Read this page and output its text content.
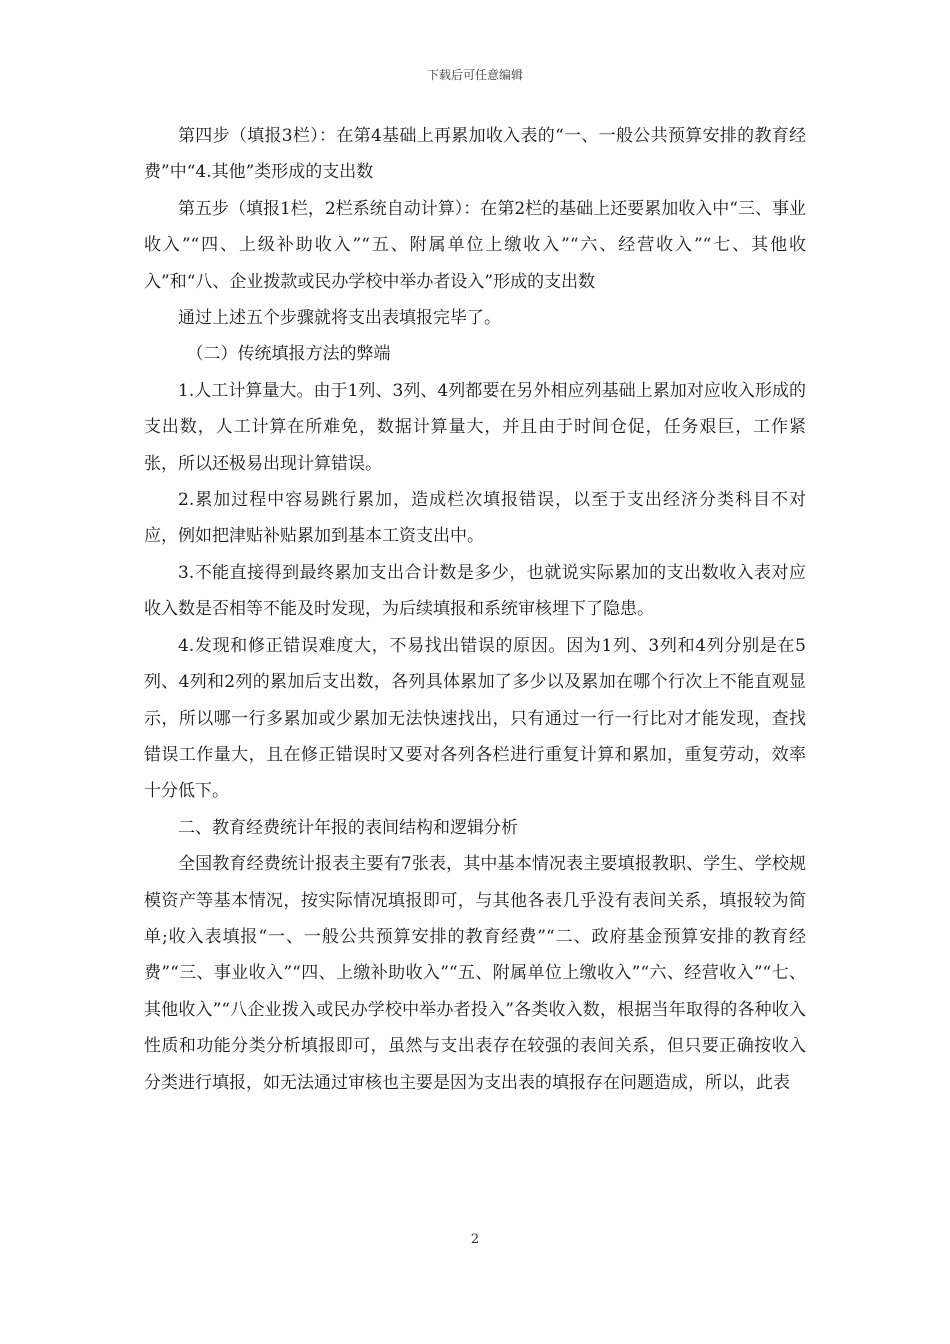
下载后可任意编辑

第四步（填报3栏）：在第4基础上再累加收入表的“一、一般公共预算安排的教育经费”中“4.其他”类形成的支出数

第五步（填报1栏，2栏系统自动计算）：在第2栏的基础上还要累加收入中“三、事业收入”“四、上级补助收入”“五、附属单位上缴收入”“六、经营收入”“七、其他收入”和“八、企业拨款或民办学校中举办者设入”形成的支出数

通过上述五个步骤就将支出表填报完毕了。

（二）传统填报方法的弊端

1.人工计算量大。由于1列、3列、4列都要在另外相应列基础上累加对应收入形成的支出数，人工计算在所难免，数据计算量大，并且由于时间仓促，任务艰巨，工作紧张，所以还极易出现计算错误。

2.累加过程中容易跳行累加，造成栏次填报错误，以至于支出经济分类科目不对应，例如把津贴补贴累加到基本工资支出中。

3.不能直接得到最终累加支出合计数是多少，也就说实际累加的支出数收入表对应收入数是否相等不能及时发现，为后续填报和系统审核埋下了隐患。

4.发现和修正错误难度大，不易找出错误的原因。因为1列、3列和4列分别是在5列、4列和2列的累加后支出数，各列具体累加了多少以及累加在哪个行次上不能直观显示，所以哪一行多累加或少累加无法快速找出，只有通过一行一行比对才能发现，查找错误工作量大，且在修正错误时又要对各列各栏进行重复计算和累加，重复劳动，效率十分低下。

二、教育经费统计年报的表间结构和逻辑分析

全国教育经费统计报表主要有7张表，其中基本情况表主要填报教职、学生、学校规模资产等基本情况，按实际情况填报即可，与其他各表几乎没有表间关系，填报较为简单;收入表填报“一、一般公共预算安排的教育经费”“二、政府基金预算安排的教育经费”“三、事业收入”“四、上缴补助收入”“五、附属单位上缴收入”“六、经营收入”“七、其他收入”“八企业拨入或民办学校中举办者投入”各类收入数，根据当年取得的各种收入性质和功能分类分析填报即可，虽然与支出表存在较强的表间关系，但只要正确按收入分类进行填报，如无法通过审核也主要是因为支出表的填报存在问题造成，所以，此表

2
